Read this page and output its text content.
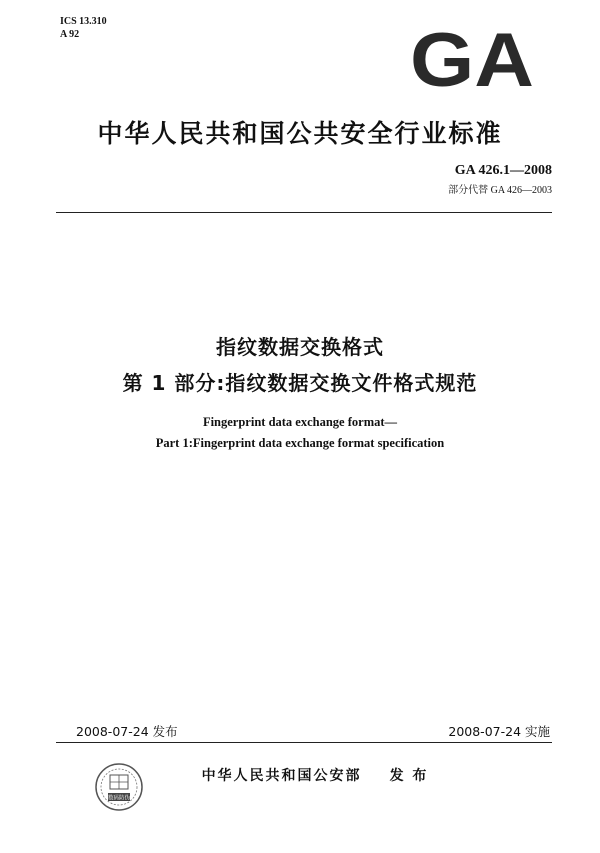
ICS 13.310
A 92	GA
中华人民共和国公共安全行业标准
GA 426.1—2008
部分代替 GA 426—2003
指纹数据交换格式
第 1 部分:指纹数据交换文件格式规范
Fingerprint data exchange format—
Part 1:Fingerprint data exchange format specification
2008-07-24 发布	2008-07-24 实施
数码防伪
中华人民共和国公安部 发 布
